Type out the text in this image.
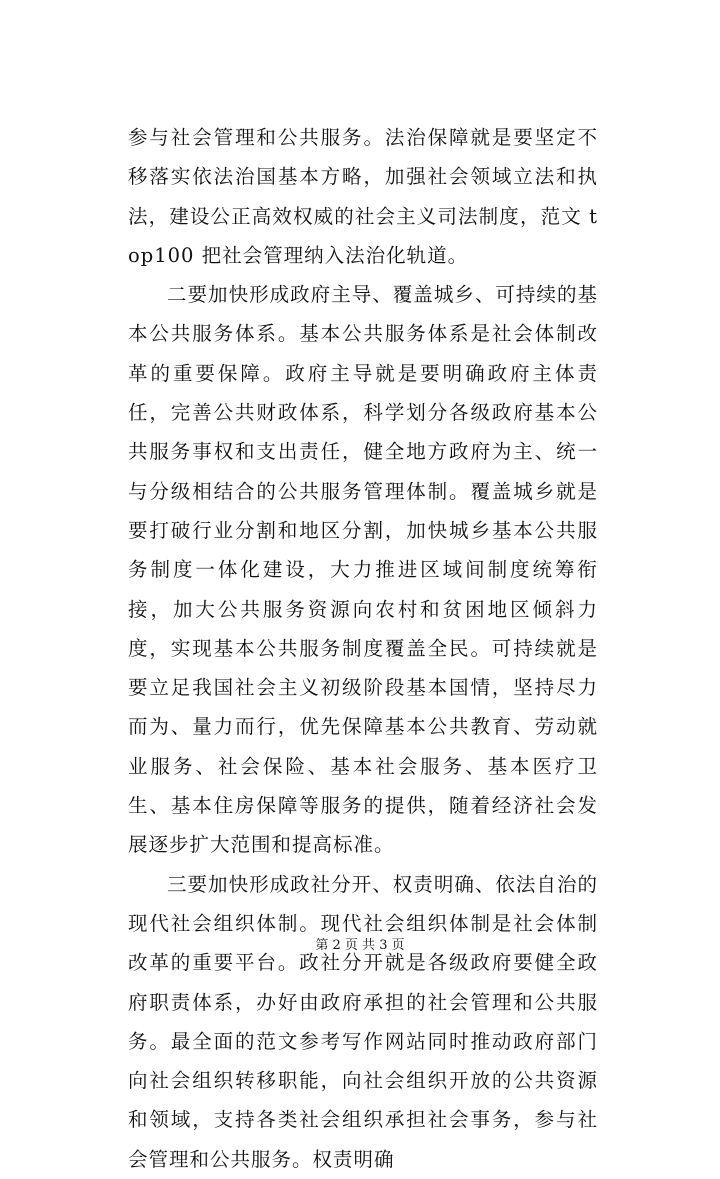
参与社会管理和公共服务。法治保障就是要坚定不移落实依法治国基本方略，加强社会领域立法和执法，建设公正高效权威的社会主义司法制度，范文 top100 把社会管理纳入法治化轨道。

二要加快形成政府主导、覆盖城乡、可持续的基本公共服务体系。基本公共服务体系是社会体制改革的重要保障。政府主导就是要明确政府主体责任，完善公共财政体系，科学划分各级政府基本公共服务事权和支出责任，健全地方政府为主、统一与分级相结合的公共服务管理体制。覆盖城乡就是要打破行业分割和地区分割，加快城乡基本公共服务制度一体化建设，大力推进区域间制度统筹衔接，加大公共服务资源向农村和贫困地区倾斜力度，实现基本公共服务制度覆盖全民。可持续就是要立足我国社会主义初级阶段基本国情，坚持尽力而为、量力而行，优先保障基本公共教育、劳动就业服务、社会保险、基本社会服务、基本医疗卫生、基本住房保障等服务的提供，随着经济社会发展逐步扩大范围和提高标准。

三要加快形成政社分开、权责明确、依法自治的现代社会组织体制。现代社会组织体制是社会体制改革的重要平台。政社分开就是各级政府要健全政府职责体系，办好由政府承担的社会管理和公共服务。最全面的范文参考写作网站同时推动政府部门向社会组织转移职能，向社会组织开放的公共资源和领域，支持各类社会组织承担社会事务，参与社会管理和公共服务。权责明确

第 2 页 共 3 页
